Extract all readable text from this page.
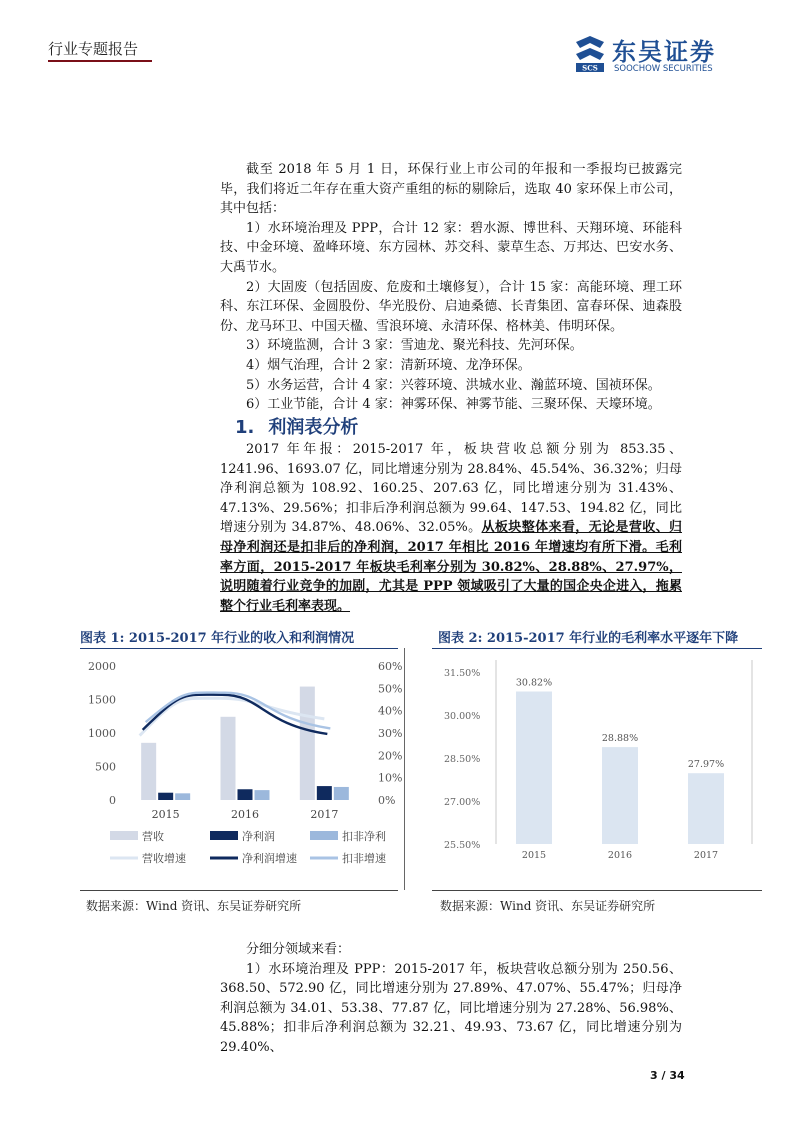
行业专题报告
SCS
东吴证券
SOOCHOW SECURITIES

截至 2018 年 5 月 1 日，环保行业上市公司的年报和一季报均已披露完毕，我们将近二年存在重大资产重组的标的剔除后，选取 40 家环保上市公司，其中包括：

1）水环境治理及 PPP，合计 12 家：碧水源、博世科、天翔环境、环能科技、中金环境、盈峰环境、东方园林、苏交科、蒙草生态、万邦达、巴安水务、大禹节水。

2）大固废（包括固废、危废和土壤修复），合计 15 家：高能环境、理工环科、东江环保、金圆股份、华光股份、启迪桑德、长青集团、富春环保、迪森股份、龙马环卫、中国天楹、雪浪环境、永清环保、格林美、伟明环保。

3）环境监测，合计 3 家：雪迪龙、聚光科技、先河环保。

4）烟气治理，合计 2 家：清新环境、龙净环保。

5）水务运营，合计 4 家：兴蓉环境、洪城水业、瀚蓝环境、国祯环保。

6）工业节能，合计 4 家：神雾环保、神雾节能、三聚环保、天壕环境。

1. 利润表分析

2017 年年报：2015-2017 年，板块营收总额分别为 853.35、1241.96、1693.07 亿，同比增速分别为 28.84%、45.54%、36.32%；归母净利润总额为 108.92、160.25、207.63 亿，同比增速分别为 31.43%、47.13%、29.56%；扣非后净利润总额为 99.64、147.53、194.82 亿，同比增速分别为 34.87%、48.06%、32.05%。从板块整体来看，无论是营收、归母净利润还是扣非后的净利润，2017 年相比 2016 年增速均有所下滑。毛利率方面，2015-2017 年板块毛利率分别为 30.82%、28.88%、27.97%，说明随着行业竞争的加剧，尤其是 PPP 领域吸引了大量的国企央企进入，拖累整个行业毛利率表现。

图表 1: 2015-2017 年行业的收入和利润情况
0
500
1000
1500
2000
0%
10%
20%
30%
40%
50%
60%
2015	2016	2017
营收	净利润	扣非净利
营收增速	净利润增速	扣非增速
数据来源：Wind 资讯、东吴证券研究所
图表 2: 2015-2017 年行业的毛利率水平逐年下降
25.50%
27.00%
28.50%
30.00%
31.50%
30.82%
2015
28.88%
2016
27.97%
2017
数据来源：Wind 资讯、东吴证券研究所

分细分领域来看：

1）水环境治理及 PPP：2015-2017 年，板块营收总额分别为 250.56、368.50、572.90 亿，同比增速分别为 27.89%、47.07%、55.47%；归母净利润总额为 34.01、53.38、77.87 亿，同比增速分别为 27.28%、56.98%、45.88%；扣非后净利润总额为 32.21、49.93、73.67 亿，同比增速分别为 29.40%、

3 / 34
